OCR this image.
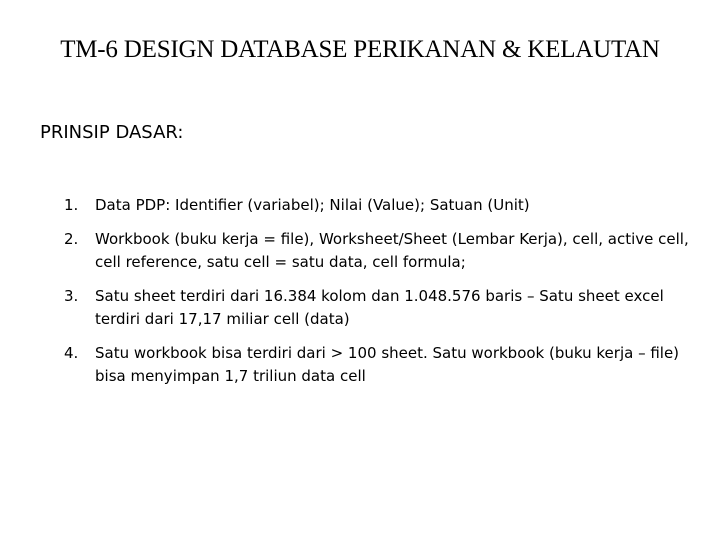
TM-6 DESIGN DATABASE PERIKANAN & KELAUTAN
PRINSIP DASAR:
1. Data PDP: Identifier (variabel); Nilai (Value); Satuan (Unit)
2. Workbook (buku kerja = file), Worksheet/Sheet (Lembar Kerja), cell, active cell, cell reference, satu cell = satu data, cell formula;
3. Satu sheet terdiri dari 16.384 kolom dan 1.048.576 baris – Satu sheet excel terdiri dari 17,17 miliar cell (data)
4. Satu workbook bisa terdiri dari > 100 sheet. Satu workbook (buku kerja – file) bisa menyimpan 1,7 triliun data cell
